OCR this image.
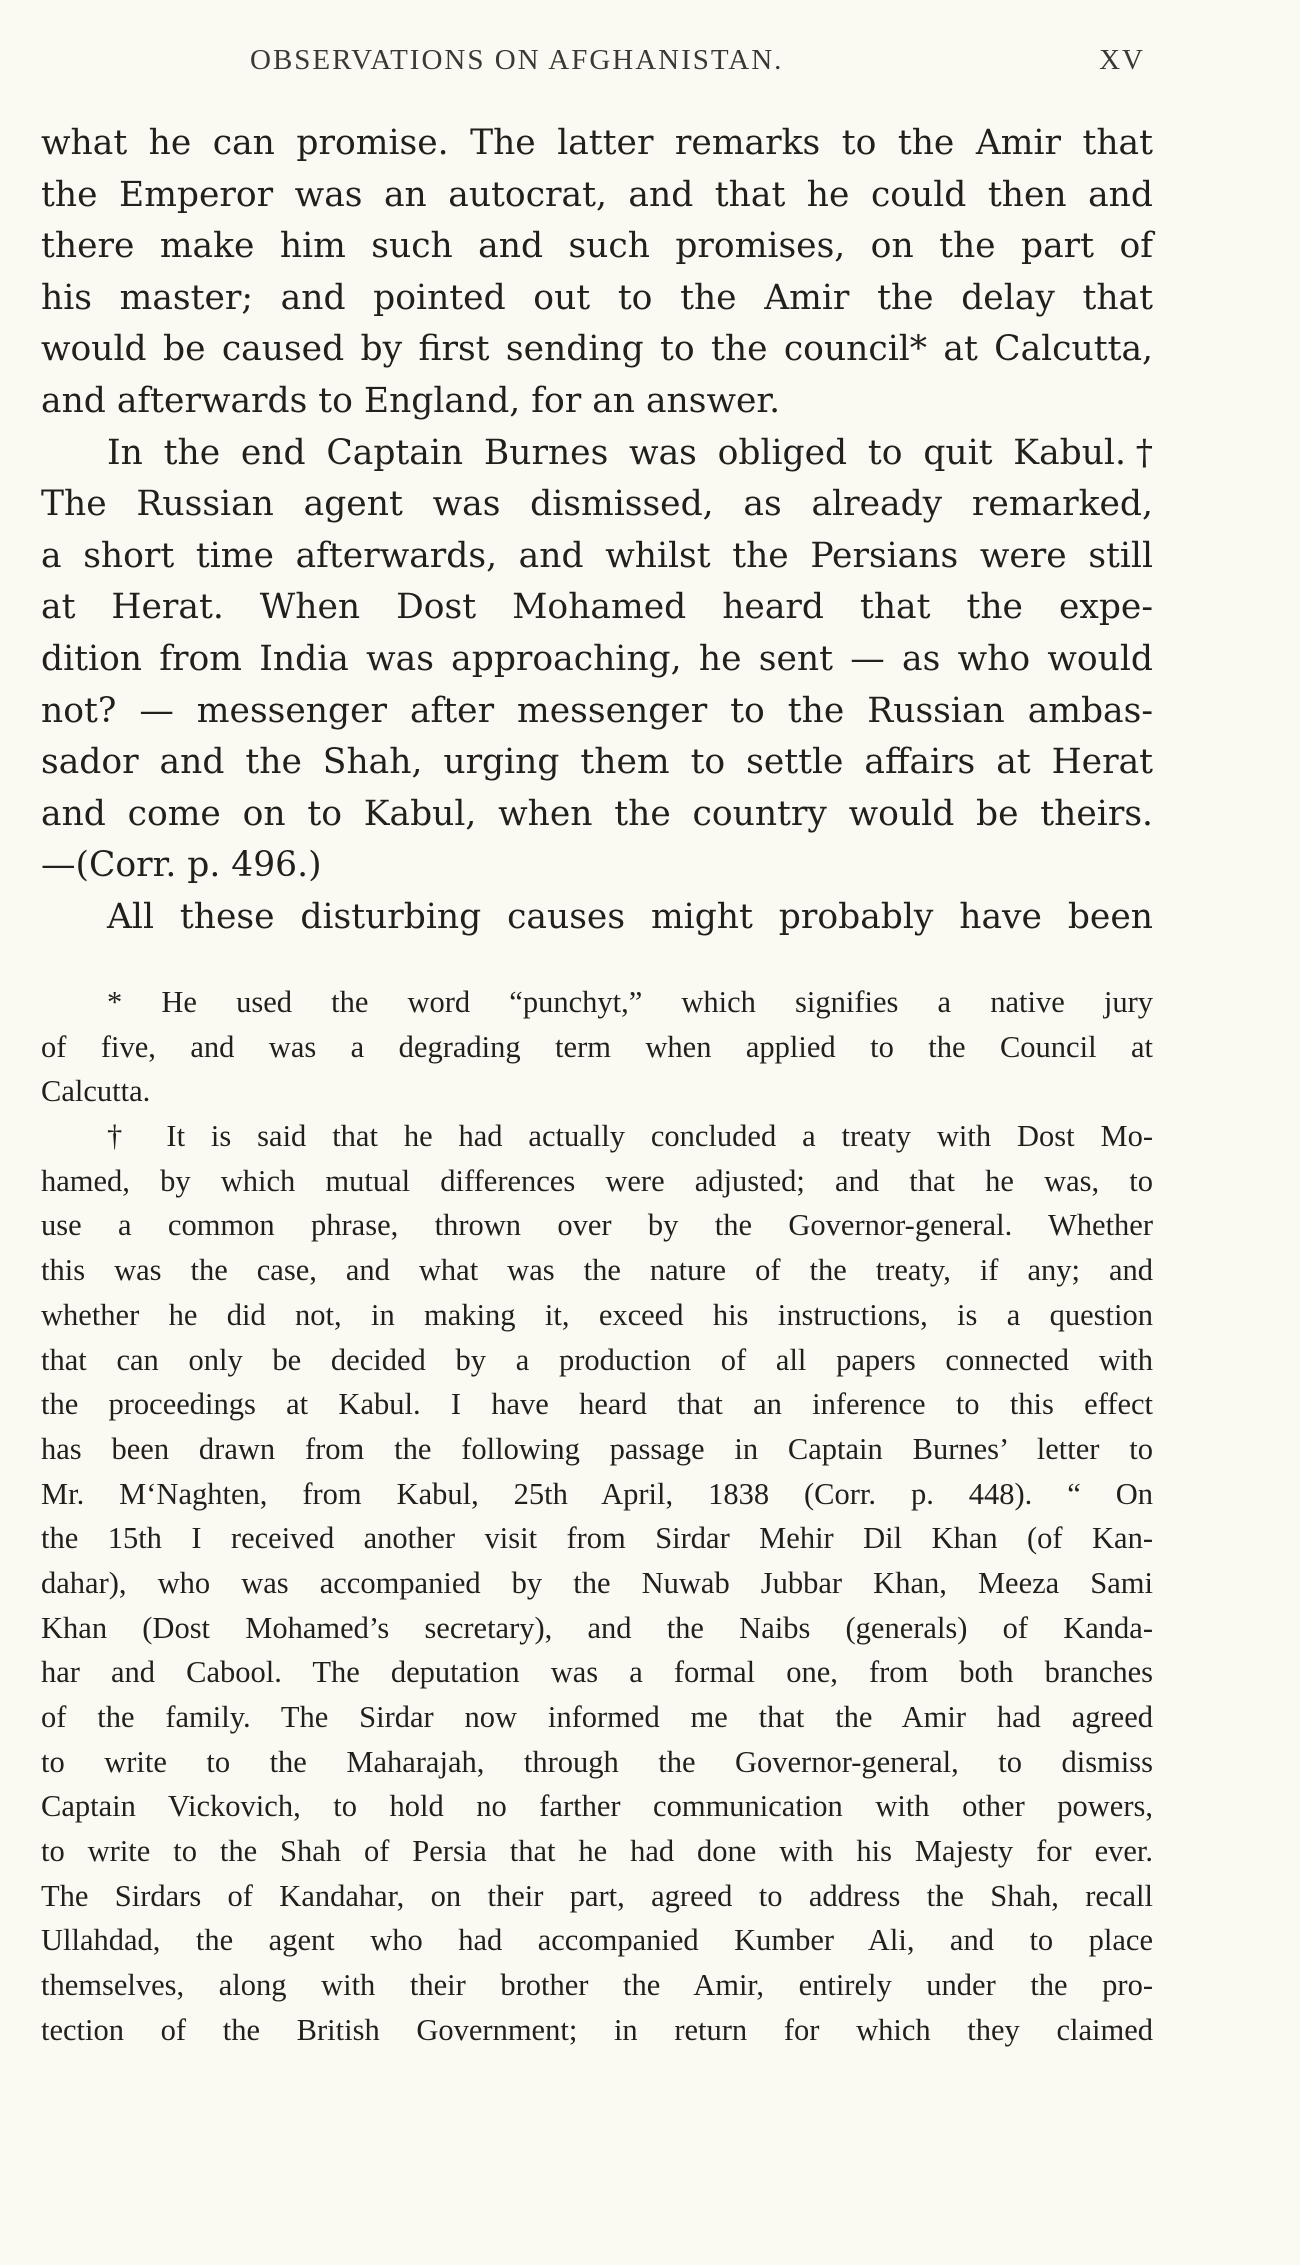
OBSERVATIONS ON AFGHANISTAN.	XV
what he can promise. The latter remarks to the Amir that
the Emperor was an autocrat, and that he could then and
there make him such and such promises, on the part of
his master; and pointed out to the Amir the delay that
would be caused by first sending to the council* at Calcutta,
and afterwards to England, for an answer.
In the end Captain Burnes was obliged to quit Kabul.†
The Russian agent was dismissed, as already remarked,
a short time afterwards, and whilst the Persians were still
at Herat. When Dost Mohamed heard that the expe-
dition from India was approaching, he sent — as who would
not? — messenger after messenger to the Russian ambas-
sador and the Shah, urging them to settle affairs at Herat
and come on to Kabul, when the country would be theirs.
—(Corr. p. 496.)
All these disturbing causes might probably have been
* He used the word “punchyt,” which signifies a native jury
of five, and was a degrading term when applied to the Council at
Calcutta.
† It is said that he had actually concluded a treaty with Dost Mo-
hamed, by which mutual differences were adjusted; and that he was, to
use a common phrase, thrown over by the Governor-general. Whether
this was the case, and what was the nature of the treaty, if any; and
whether he did not, in making it, exceed his instructions, is a question
that can only be decided by a production of all papers connected with
the proceedings at Kabul. I have heard that an inference to this effect
has been drawn from the following passage in Captain Burnes’ letter to
Mr. M‘Naghten, from Kabul, 25th April, 1838 (Corr. p. 448). “ On
the 15th I received another visit from Sirdar Mehir Dil Khan (of Kan-
dahar), who was accompanied by the Nuwab Jubbar Khan, Meeza Sami
Khan (Dost Mohamed’s secretary), and the Naibs (generals) of Kanda-
har and Cabool. The deputation was a formal one, from both branches
of the family. The Sirdar now informed me that the Amir had agreed
to write to the Maharajah, through the Governor-general, to dismiss
Captain Vickovich, to hold no farther communication with other powers,
to write to the Shah of Persia that he had done with his Majesty for ever.
The Sirdars of Kandahar, on their part, agreed to address the Shah, recall
Ullahdad, the agent who had accompanied Kumber Ali, and to place
themselves, along with their brother the Amir, entirely under the pro-
tection of the British Government; in return for which they claimed
